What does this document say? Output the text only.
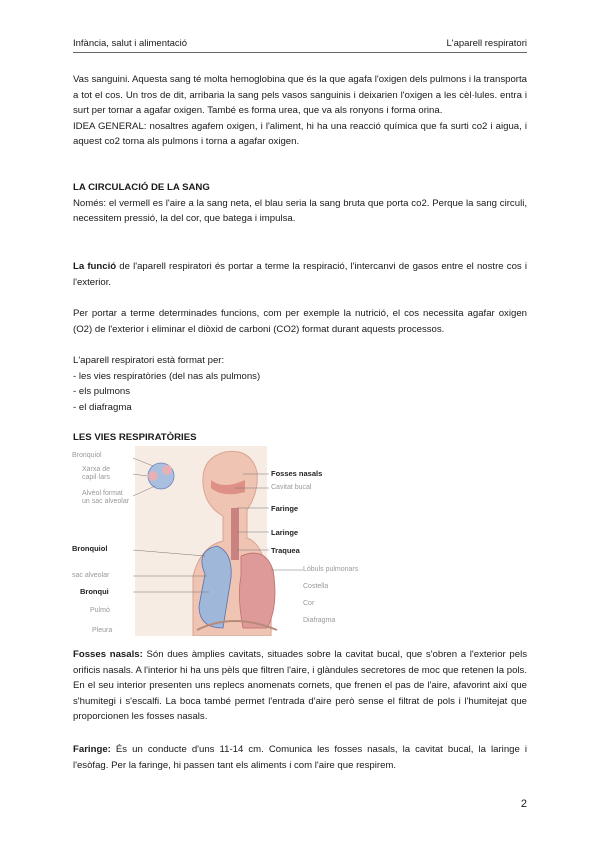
Infància, salut i alimentació	L'aparell respiratori

Vas sanguini. Aquesta sang té molta hemoglobina que és la que agafa l'oxigen dels pulmons i la transporta a tot el cos. Un tros de dit, arribaria la sang pels vasos sanguinis i deixarien l'oxigen a les cèl·lules. entra i surt per tornar a agafar oxigen. També es forma urea, que va als ronyons i forma orina.

IDEA GENERAL: nosaltres agafem oxigen, i l'aliment, hi ha una reacció química que fa surti co2 i aigua, i aquest co2 torna als pulmons i torna a agafar oxigen.

LA CIRCULACIÓ DE LA SANG

Només: el vermell es l'aire a la sang neta, el blau seria la sang bruta que porta co2. Perque la sang circuli, necessitem pressió, la del cor, que batega i impulsa.

La funció de l'aparell respiratori és portar a terme la respiració, l'intercanvi de gasos entre el nostre cos i l'exterior.

Per portar a terme determinades funcions, com per exemple la nutrició, el cos necessita agafar oxigen (O2) de l'exterior i eliminar el diòxid de carboni (CO2) format durant aquests processos.

L'aparell respiratori està format per:

- les vies respiratòries (del nas als pulmons)

- els pulmons

- el diafragma

LES VIES RESPIRATÒRIES

Bronquiol
Xarxa de capil·lars
Alvèol format un sac alveolar
Bronquiol
sac alveolar
Bronqui
Pulmó
Pleura
Fosses nasals
Cavitat bucal
Faringe
Laringe
Traquea
Lòbuls pulmonars
Costella
Cor
Diafragma

Fosses nasals: Són dues àmplies cavitats, situades sobre la cavitat bucal, que s'obren a l'exterior pels orificis nasals. A l'interior hi ha uns pèls que filtren l'aire, i glàndules secretores de moc que retenen la pols. En el seu interior presenten uns replecs anomenats cornets, que frenen el pas de l'aire, afavorint així que s'humitegi i s'escalfi. La boca també permet l'entrada d'aire però sense el filtrat de pols i l'humitejat que proporcionen les fosses nasals.

Faringe: És un conducte d'uns 11-14 cm. Comunica les fosses nasals, la cavitat bucal, la laringe i l'esòfag. Per la faringe, hi passen tant els aliments i com l'aire que respirem.

2
